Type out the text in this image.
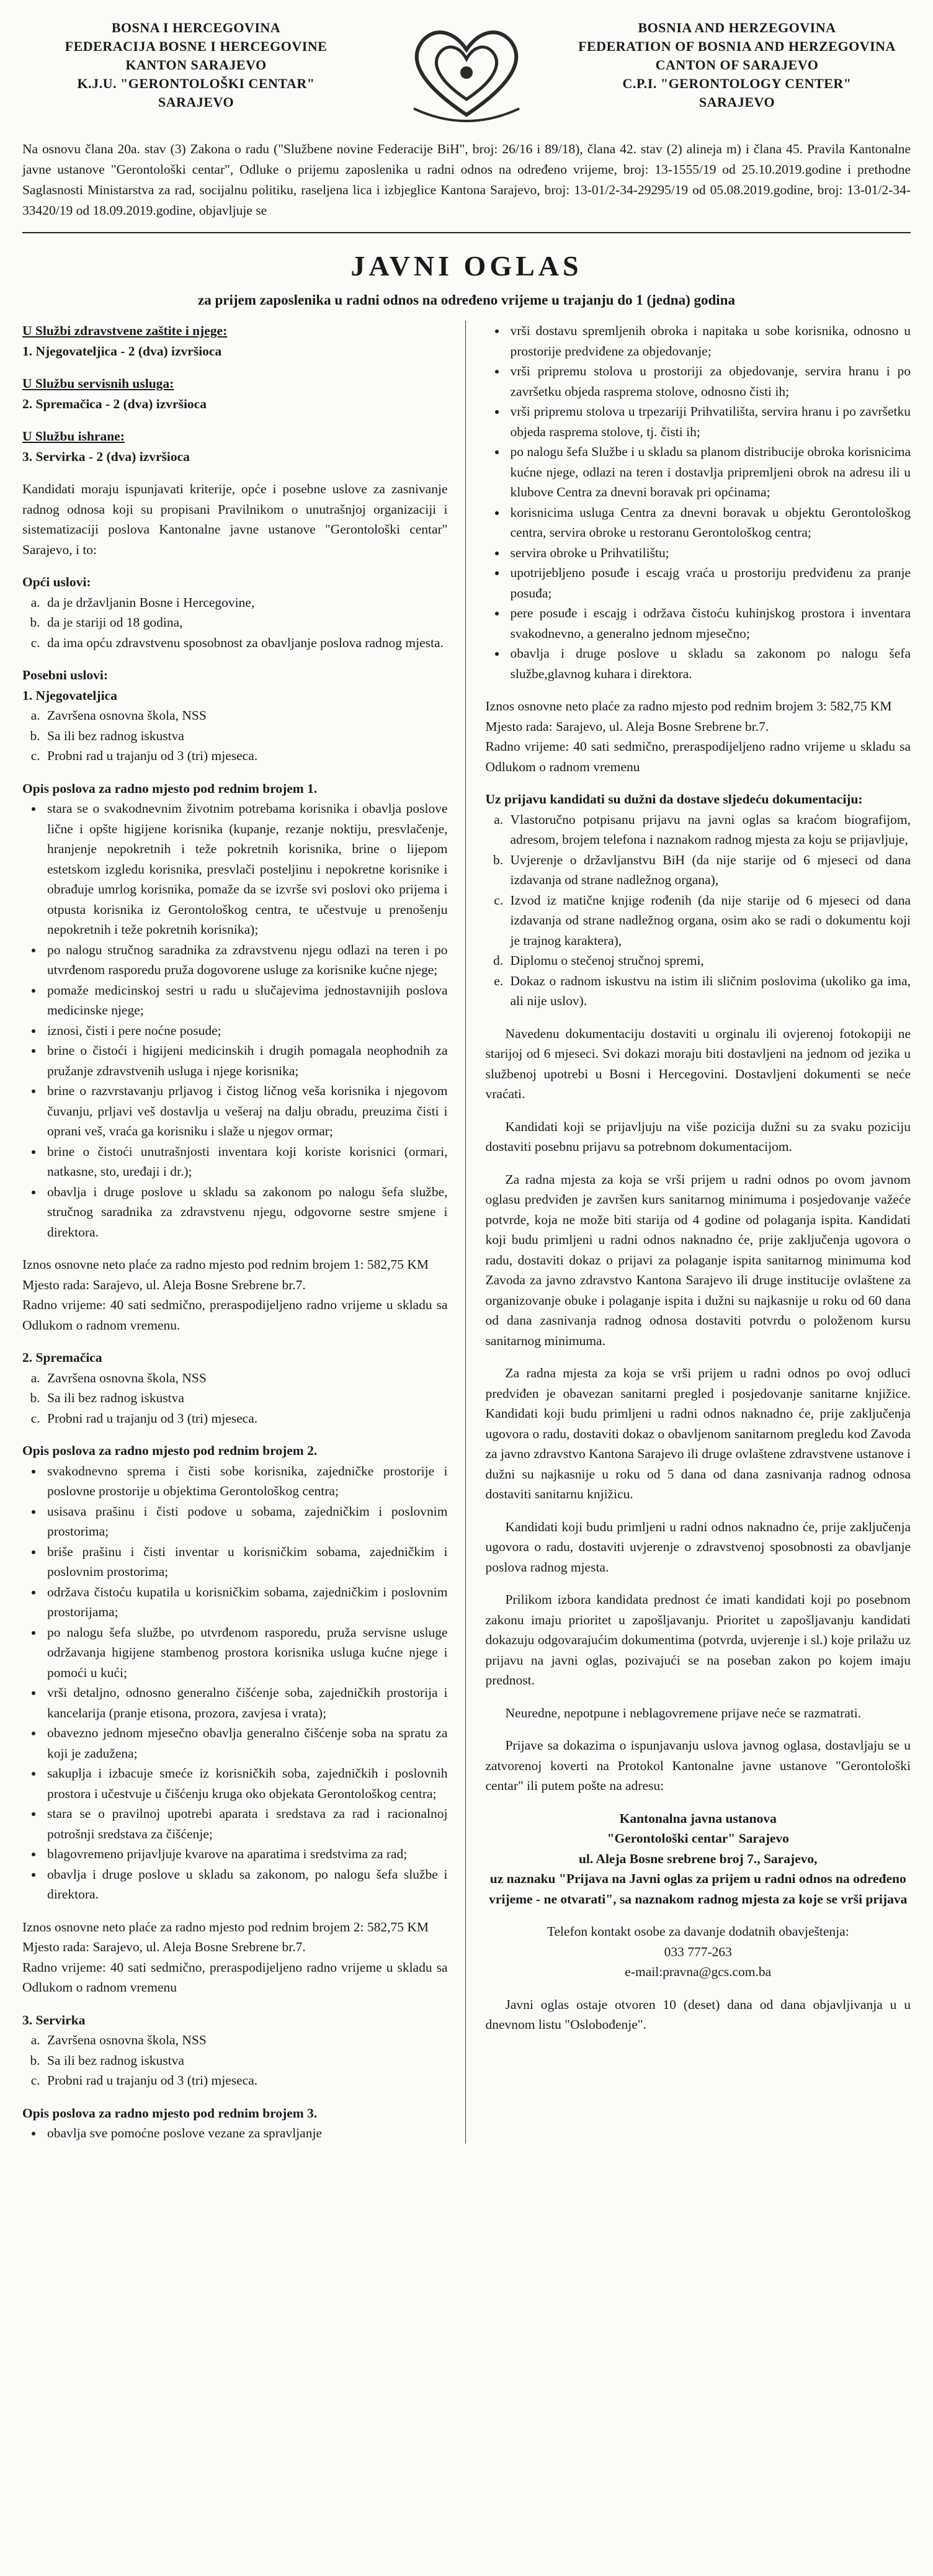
BOSNA I HERCEGOVINA
FEDERACIJA BOSNE I HERCEGOVINE
KANTON SARAJEVO
K.J.U. "GERONTOLOŠKI CENTAR"
SARAJEVO
BOSNIA AND HERZEGOVINA
FEDERATION OF BOSNIA AND HERZEGOVINA
CANTON OF SARAJEVO
C.P.I. "GERONTOLOGY CENTER"
SARAJEVO

Na osnovu člana 20a. stav (3) Zakona o radu ("Službene novine Federacije BiH", broj: 26/16 i 89/18), člana 42. stav (2) alineja m) i člana 45. Pravila Kantonalne javne ustanove "Gerontološki centar", Odluke o prijemu zaposlenika u radni odnos na određeno vrijeme, broj: 13-1555/19 od 25.10.2019.godine i prethodne Saglasnosti Ministarstva za rad, socijalnu politiku, raseljena lica i izbjeglice Kantona Sarajevo, broj: 13-01/2-34-29295/19 od 05.08.2019.godine, broj: 13-01/2-34-33420/19 od 18.09.2019.godine, objavljuje se

JAVNI OGLAS
za prijem zaposlenika u radni odnos na određeno vrijeme u trajanju do 1 (jedna) godina

U Službi zdravstvene zaštite i njege:

1. Njegovateljica - 2 (dva) izvršioca

U Službu servisnih usluga:

2. Spremačica - 2 (dva) izvršioca

U Službu ishrane:

3. Servirka - 2 (dva) izvršioca

Kandidati moraju ispunjavati kriterije, opće i posebne uslove za zasnivanje radnog odnosa koji su propisani Pravilnikom o unutrašnjoj organizaciji i sistematizaciji poslova Kantonalne javne ustanove "Gerontološki centar" Sarajevo, i to:

Opći uslovi:

a. da je državljanin Bosne i Hercegovine,
b. da je stariji od 18 godina,
c. da ima opću zdravstvenu sposobnost za obavljanje poslova radnog mjesta.

Posebni uslovi:

1. Njegovateljica

a. Završena osnovna škola, NSS
b. Sa ili bez radnog iskustva
c. Probni rad u trajanju od 3 (tri) mjeseca.

Opis poslova za radno mjesto pod rednim brojem 1.

• stara se o svakodnevnim životnim potrebama korisnika i obavlja poslove lične i opšte higijene korisnika (kupanje, rezanje noktiju, presvlačenje, hranjenje nepokretnih i teže pokretnih korisnika, brine o lijepom estetskom izgledu korisnika, presvlači posteljinu i nepokretne korisnike i obrađuje umrlog korisnika, pomaže da se izvrše svi poslovi oko prijema i otpusta korisnika iz Gerontološkog centra, te učestvuje u prenošenju nepokretnih i teže pokretnih korisnika);
• po nalogu stručnog saradnika za zdravstvenu njegu odlazi na teren i po utvrđenom rasporedu pruža dogovorene usluge za korisnike kućne njege;
• pomaže medicinskoj sestri u radu u slučajevima jednostavnijih poslova medicinske njege;
• iznosi, čisti i pere noćne posude;
• brine o čistoći i higijeni medicinskih i drugih pomagala neophodnih za pružanje zdravstvenih usluga i njege korisnika;
• brine o razvrstavanju prljavog i čistog ličnog veša korisnika i njegovom čuvanju, prljavi veš dostavlja u vešeraj na dalju obradu, preuzima čisti i oprani veš, vraća ga korisniku i slaže u njegov ormar;
• brine o čistoći unutrašnjosti inventara koji koriste korisnici (ormari, natkasne, sto, uređaji i dr.);
• obavlja i druge poslove u skladu sa zakonom po nalogu šefa službe, stručnog saradnika za zdravstvenu njegu, odgovorne sestre smjene i direktora.

Iznos osnovne neto plaće za radno mjesto pod rednim brojem 1: 582,75 KM

Mjesto rada: Sarajevo, ul. Aleja Bosne Srebrene br.7.

Radno vrijeme: 40 sati sedmično, preraspodijeljeno radno vrijeme u skladu sa Odlukom o radnom vremenu.

2. Spremačica

a. Završena osnovna škola, NSS
b. Sa ili bez radnog iskustva
c. Probni rad u trajanju od 3 (tri) mjeseca.

Opis poslova za radno mjesto pod rednim brojem 2.

• svakodnevno sprema i čisti sobe korisnika, zajedničke prostorije i poslovne prostorije u objektima Gerontološkog centra;
• usisava prašinu i čisti podove u sobama, zajedničkim i poslovnim prostorima;
• briše prašinu i čisti inventar u korisničkim sobama, zajedničkim i poslovnim prostorima;
• održava čistoću kupatila u korisničkim sobama, zajedničkim i poslovnim prostorijama;
• po nalogu šefa službe, po utvrđenom rasporedu, pruža servisne usluge održavanja higijene stambenog prostora korisnika usluga kućne njege i pomoći u kući;
• vrši detaljno, odnosno generalno čišćenje soba, zajedničkih prostorija i kancelarija (pranje etisona, prozora, zavjesa i vrata);
• obavezno jednom mjesečno obavlja generalno čišćenje soba na spratu za koji je zadužena;
• sakuplja i izbacuje smeće iz korisničkih soba, zajedničkih i poslovnih prostora i učestvuje u čišćenju kruga oko objekata Gerontološkog centra;
• stara se o pravilnoj upotrebi aparata i sredstava za rad i racionalnoj potrošnji sredstava za čišćenje;
• blagovremeno prijavljuje kvarove na aparatima i sredstvima za rad;
• obavlja i druge poslove u skladu sa zakonom, po nalogu šefa službe i direktora.

Iznos osnovne neto plaće za radno mjesto pod rednim brojem 2: 582,75 KM

Mjesto rada: Sarajevo, ul. Aleja Bosne Srebrene br.7.

Radno vrijeme: 40 sati sedmično, preraspodijeljeno radno vrijeme u skladu sa Odlukom o radnom vremenu

3. Servirka

a. Završena osnovna škola, NSS
b. Sa ili bez radnog iskustva
c. Probni rad u trajanju od 3 (tri) mjeseca.

Opis poslova za radno mjesto pod rednim brojem 3.

• obavlja sve pomoćne poslove vezane za spravljanje
• vrši dostavu spremljenih obroka i napitaka u sobe korisnika, odnosno u prostorije predviđene za objedovanje;
• vrši pripremu stolova u prostoriji za objedovanje, servira hranu i po završetku objeda raspremа stolove, odnosno čisti ih;
• vrši pripremu stolova u trpezariji Prihvatilišta, servira hranu i po završetku objeda raspremа stolove, tj. čisti ih;
• po nalogu šefa Službe i u skladu sa planom distribucije obroka korisnicima kućne njege, odlazi na teren i dostavlja pripremljeni obrok na adresu ili u klubove Centra za dnevni boravak pri općinama;
• korisnicima usluga Centra za dnevni boravak u objektu Gerontološkog centra, servira obroke u restoranu Gerontološkog centra;
• servira obroke u Prihvatilištu;
• upotrijebljeno posuđe i escajg vraća u prostoriju predviđenu za pranje posuđa;
• pere posuđe i escajg i održava čistoću kuhinjskog prostora i inventara svakodnevno, a generalno jednom mjesečno;
• obavlja i druge poslove u skladu sa zakonom po nalogu šefa službe,glavnog kuhara i direktora.

Iznos osnovne neto plaće za radno mjesto pod rednim brojem 3: 582,75 KM

Mjesto rada: Sarajevo, ul. Aleja Bosne Srebrene br.7.

Radno vrijeme: 40 sati sedmično, preraspodijeljeno radno vrijeme u skladu sa Odlukom o radnom vremenu

Uz prijavu kandidati su dužni da dostave sljedeću dokumentaciju:

a. Vlastoručno potpisanu prijavu na javni oglas sa kraćom biografijom, adresom, brojem telefona i naznakom radnog mjesta za koju se prijavljuje,
b. Uvjerenje o državljanstvu BiH (da nije starije od 6 mjeseci od dana izdavanja od strane nadležnog organa),
c. Izvod iz matične knjige rođenih (da nije starije od 6 mjeseci od dana izdavanja od strane nadležnog organa, osim ako se radi o dokumentu koji je trajnog karaktera),
d. Diplomu o stečenoj stručnoj spremi,
e. Dokaz o radnom iskustvu na istim ili sličnim poslovima (ukoliko ga ima, ali nije uslov).

Navedenu dokumentaciju dostaviti u orginalu ili ovjerenoj fotokopiji ne starijoj od 6 mjeseci. Svi dokazi moraju biti dostavljeni na jednom od jezika u službenoj upotrebi u Bosni i Hercegovini. Dostavljeni dokumenti se neće vraćati.

Kandidati koji se prijavljuju na više pozicija dužni su za svaku poziciju dostaviti posebnu prijavu sa potrebnom dokumentacijom.

Za radna mjesta za koja se vrši prijem u radni odnos po ovom javnom oglasu predviđen je završen kurs sanitarnog minimuma i posjedovanje važeće potvrde, koja ne može biti starija od 4 godine od polaganja ispita. Kandidati koji budu primljeni u radni odnos naknadno će, prije zaključenja ugovora o radu, dostaviti dokaz o prijavi za polaganje ispita sanitarnog minimuma kod Zavoda za javno zdravstvo Kantona Sarajevo ili druge institucije ovlaštene za organizovanje obuke i polaganje ispita i dužni su najkasnije u roku od 60 dana od dana zasnivanja radnog odnosa dostaviti potvrdu o položenom kursu sanitarnog minimuma.

Za radna mjesta za koja se vrši prijem u radni odnos po ovoj odluci predviđen je obavezan sanitarni pregled i posjedovanje sanitarne knjižice. Kandidati koji budu primljeni u radni odnos naknadno će, prije zaključenja ugovora o radu, dostaviti dokaz o obavljenom sanitarnom pregledu kod Zavoda za javno zdravstvo Kantona Sarajevo ili druge ovlaštene zdravstvene ustanove i dužni su najkasnije u roku od 5 dana od dana zasnivanja radnog odnosa dostaviti sanitarnu knjižicu.

Kandidati koji budu primljeni u radni odnos naknadno će, prije zaključenja ugovora o radu, dostaviti uvjerenje o zdravstvenoj sposobnosti za obavljanje poslova radnog mjesta.

Prilikom izbora kandidata prednost će imati kandidati koji po posebnom zakonu imaju prioritet u zapošljavanju. Prioritet u zapošljavanju kandidati dokazuju odgovarajućim dokumentima (potvrda, uvjerenje i sl.) koje prilažu uz prijavu na javni oglas, pozivajući se na poseban zakon po kojem imaju prednost.

Neuredne, nepotpune i neblagovremene prijave neće se razmatrati.

Prijave sa dokazima o ispunjavanju uslova javnog oglasa, dostavljaju se u zatvorenoj koverti na Protokol Kantonalne javne ustanove "Gerontološki centar" ili putem pošte na adresu:

Kantonalna javna ustanova

"Gerontološki centar" Sarajevo

ul. Aleja Bosne srebrene broj 7., Sarajevo,

uz naznaku "Prijava na Javni oglas za prijem u radni odnos na određeno vrijeme - ne otvarati", sa naznakom radnog mjesta za koje se vrši prijava

Telefon kontakt osobe za davanje dodatnih obavještenja:

033 777-263

e-mail:pravna@gcs.com.ba

Javni oglas ostaje otvoren 10 (deset) dana od dana objavljivanja u u dnevnom listu "Oslobođenje".
